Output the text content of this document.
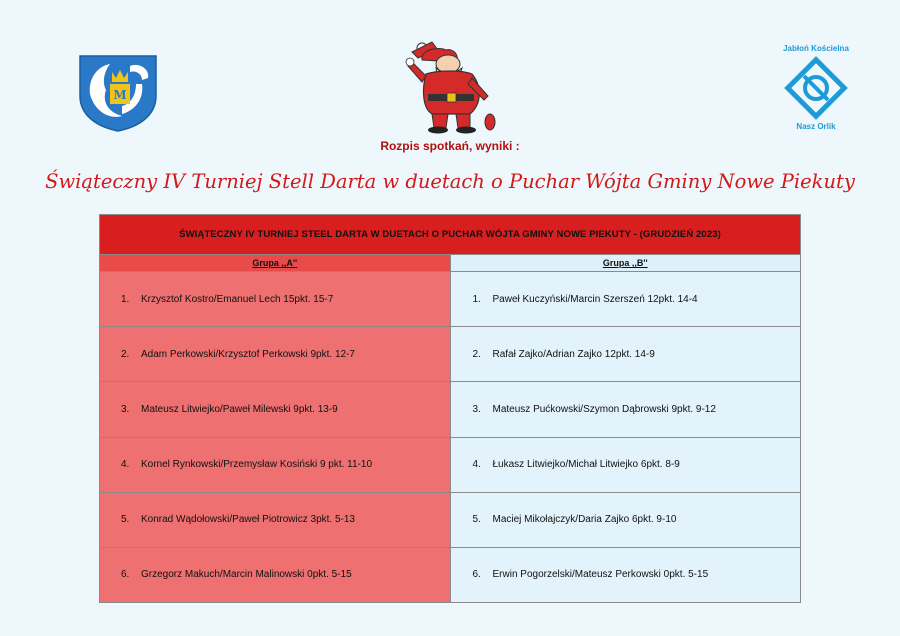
M
Jabłoń Kościelna
Nasz Orlik
Rozpis spotkań, wyniki :
Świąteczny IV Turniej Stell Darta w duetach o Puchar Wójta Gminy Nowe Piekuty
ŚWIĄTECZNY IV TURNIEJ STEEL DARTA W DUETACH O PUCHAR WÓJTA GMINY NOWE PIEKUTY - (GRUDZIEŃ 2023)	
Grupa ,,A''	Grupa ,,B''
1. Krzysztof Kostro/Emanuel Lech 15pkt. 15-7	1. Paweł Kuczyński/Marcin Szerszeń 12pkt. 14-4
2. Adam Perkowski/Krzysztof Perkowski 9pkt. 12-7	2. Rafał Zajko/Adrian Zajko 12pkt. 14-9
3. Mateusz Litwiejko/Paweł Milewski 9pkt. 13-9	3. Mateusz Pućkowski/Szymon Dąbrowski 9pkt. 9-12
4. Kornel Rynkowski/Przemysław Kosiński 9 pkt. 11-10	4. Łukasz Litwiejko/Michał Litwiejko 6pkt. 8-9
5. Konrad Wądołowski/Paweł Piotrowicz 3pkt. 5-13	5. Maciej Mikołajczyk/Daria Zajko 6pkt. 9-10
6. Grzegorz Makuch/Marcin Malinowski 0pkt. 5-15	6. Erwin Pogorzelski/Mateusz Perkowski 0pkt. 5-15
